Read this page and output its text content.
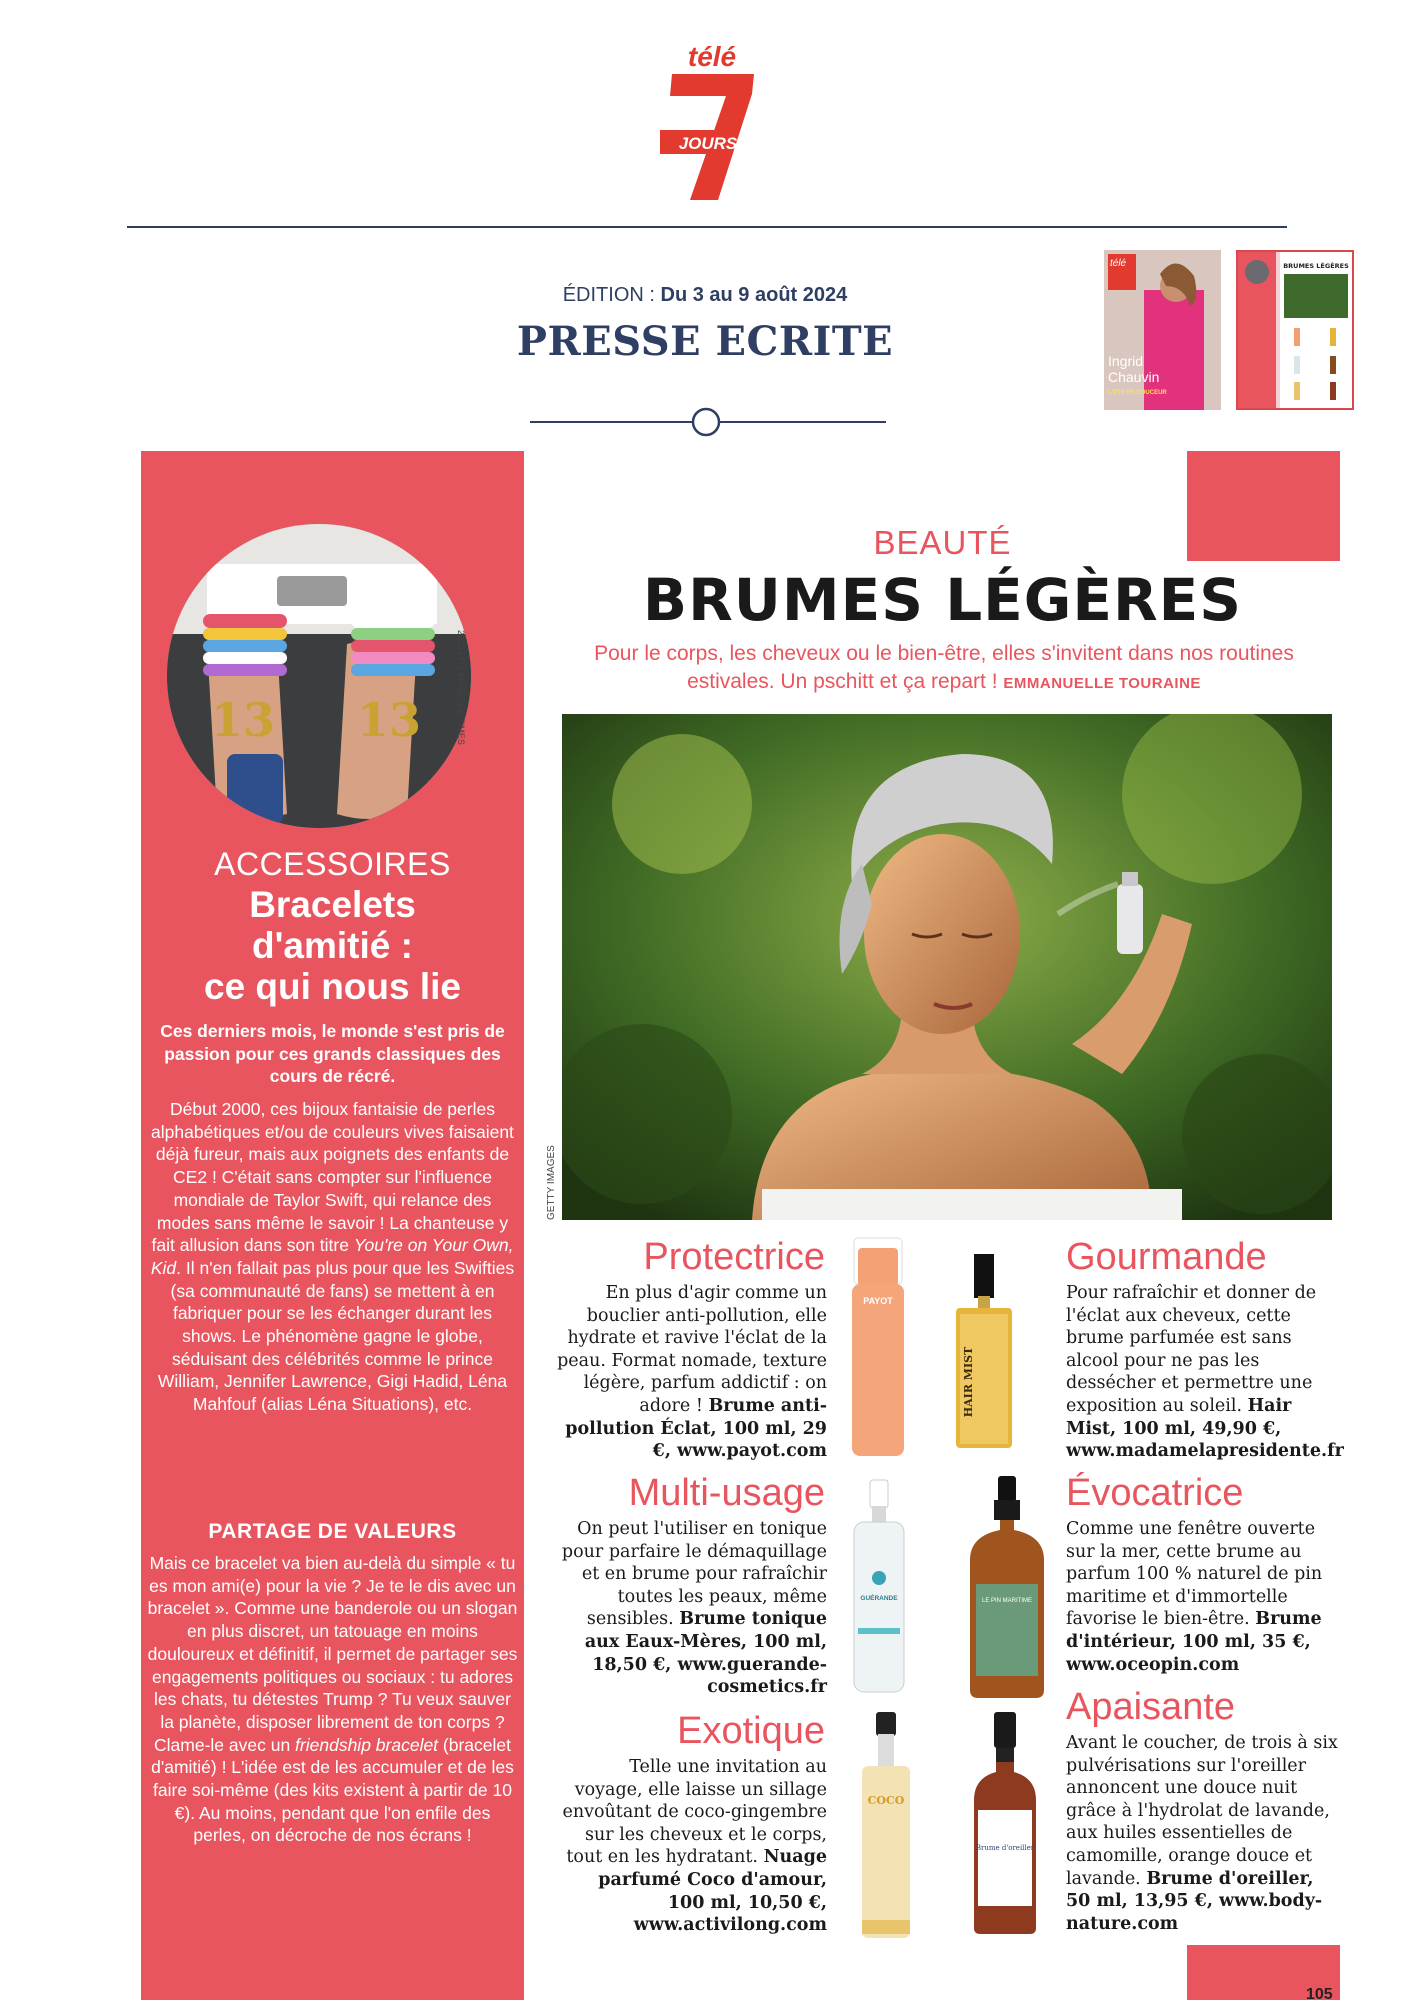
télé
JOURS
ÉDITION : Du 3 au 9 août 2024
PRESSE ECRITE
télé
Ingrid
Chauvin
L'ÉTÉ EN DOUCEUR
BRUMES LÉGÈRES
105
13 13	2023 LOS ANGELES TIMES
ACCESSOIRES
Bracelets
d'amitié :
ce qui nous lie
Ces derniers mois, le monde s'est pris de passion pour ces grands classiques des cours de récré.
Début 2000, ces bijoux fantaisie de perles alphabétiques et/ou de couleurs vives faisaient déjà fureur, mais aux poignets des enfants de CE2 ! C'était sans compter sur l'influence mondiale de Taylor Swift, qui relance des modes sans même le savoir ! La chanteuse y fait allusion dans son titre You're on Your Own, Kid. Il n'en fallait pas plus pour que les Swifties (sa communauté de fans) se mettent à en fabriquer pour se les échanger durant les shows. Le phénomène gagne le globe, séduisant des célébrités comme le prince William, Jennifer Lawrence, Gigi Hadid, Léna Mahfouf (alias Léna Situations), etc.
PARTAGE DE VALEURS
Mais ce bracelet va bien au-delà du simple « tu es mon ami(e) pour la vie ? Je te le dis avec un bracelet ». Comme une banderole ou un slogan en plus discret, un tatouage en moins douloureux et définitif, il permet de partager ses engagements politiques ou sociaux : tu adores les chats, tu détestes Trump ? Tu veux sauver la planète, disposer librement de ton corps ? Clame-le avec un friendship bracelet (bracelet d'amitié) ! L'idée est de les accumuler et de les faire soi-même (des kits existent à partir de 10 €). Au moins, pendant que l'on enfile des perles, on décroche de nos écrans !
BEAUTÉ
BRUMES LÉGÈRES
Pour le corps, les cheveux ou le bien-être, elles s'invitent dans nos routines estivales. Un pschitt et ça repart ! EMMANUELLE TOURAINE
GETTY IMAGES
Protectrice
En plus d'agir comme un bouclier anti-pollution, elle hydrate et ravive l'éclat de la peau. Format nomade, texture légère, parfum addictif : on adore ! Brume anti-pollution Éclat, 100 ml, 29 €, www.payot.com
PAYOT
HAIR MIST
Gourmande
Pour rafraîchir et donner de l'éclat aux cheveux, cette brume parfumée est sans alcool pour ne pas les dessécher et permettre une exposition au soleil. Hair Mist, 100 ml, 49,90 €, www.madamelapresidente.fr
Multi-usage
On peut l'utiliser en tonique pour parfaire le démaquillage et en brume pour rafraîchir toutes les peaux, même sensibles. Brume tonique aux Eaux-Mères, 100 ml, 18,50 €, www.guerande-cosmetics.fr
GUÉRANDE	LE PIN MARITIME
Évocatrice
Comme une fenêtre ouverte sur la mer, cette brume au parfum 100 % naturel de pin maritime et d'immortelle favorise le bien-être. Brume d'intérieur, 100 ml, 35 €, www.oceopin.com
Exotique
Telle une invitation au voyage, elle laisse un sillage envoûtant de coco-gingembre sur les cheveux et le corps, tout en les hydratant. Nuage parfumé Coco d'amour, 100 ml, 10,50 €, www.activilong.com
COCO
Brume d'oreiller
Apaisante
Avant le coucher, de trois à six pulvérisations sur l'oreiller annoncent une douce nuit grâce à l'hydrolat de lavande, aux huiles essentielles de camomille, orange douce et lavande. Brume d'oreiller, 50 ml, 13,95 €, www.body-nature.com
